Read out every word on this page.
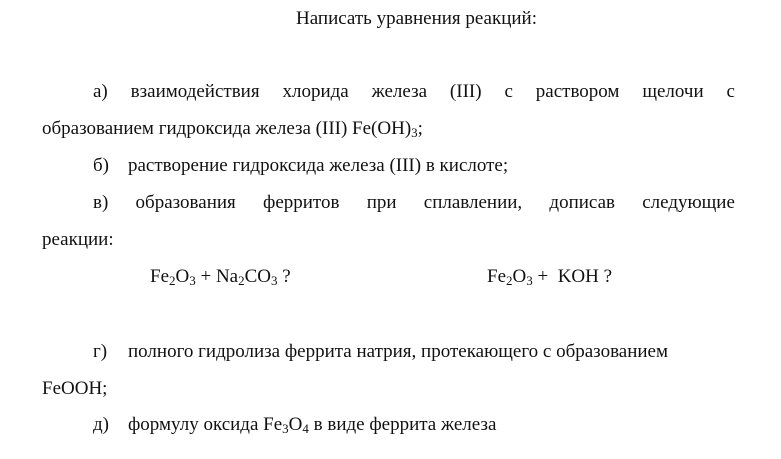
Написать уравнения реакций:
а) взаимодействия хлорида железа (III) с раствором щелочи с
образованием гидроксида железа (III) $Fe(OH)_3$;
б) растворение гидроксида железа (III) в кислоте;
в) образования ферритов при сплавлении, дописав следующие
реакции:
$Fe_2O_3 + Na_2CO_3$ ?	$Fe_2O_3$ +  KOH ?
г) полного гидролиза феррита натрия, протекающего с образованием
FeOOH;
д) формулу оксида $Fe_3O_4$ в виде феррита железа
